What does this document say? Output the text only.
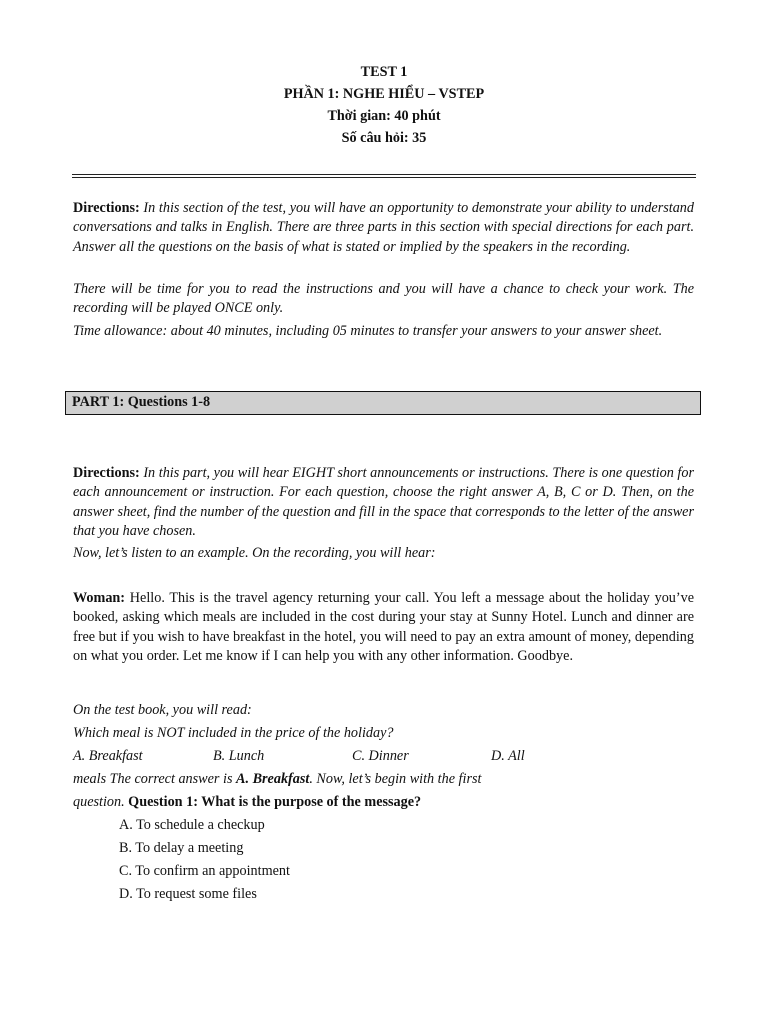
TEST 1
PHẦN 1: NGHE HIỂU – VSTEP
Thời gian: 40 phút
Số câu hỏi: 35
Directions: In this section of the test, you will have an opportunity to demonstrate your ability to understand conversations and talks in English. There are three parts in this section with special directions for each part. Answer all the questions on the basis of what is stated or implied by the speakers in the recording.
There will be time for you to read the instructions and you will have a chance to check your work. The recording will be played ONCE only.
Time allowance: about 40 minutes, including 05 minutes to transfer your answers to your answer sheet.
PART 1: Questions 1-8
Directions: In this part, you will hear EIGHT short announcements or instructions. There is one question for each announcement or instruction. For each question, choose the right answer A, B, C or D. Then, on the answer sheet, find the number of the question and fill in the space that corresponds to the letter of the answer that you have chosen.
Now, let’s listen to an example. On the recording, you will hear:
Woman: Hello. This is the travel agency returning your call. You left a message about the holiday you’ve booked, asking which meals are included in the cost during your stay at Sunny Hotel. Lunch and dinner are free but if you wish to have breakfast in the hotel, you will need to pay an extra amount of money, depending on what you order. Let me know if I can help you with any other information. Goodbye.
On the test book, you will read:
Which meal is NOT included in the price of the holiday?
A. Breakfast	B. Lunch	C. Dinner	D. All
meals The correct answer is A. Breakfast. Now, let’s begin with the first
question. Question 1: What is the purpose of the message?
A. To schedule a checkup
B. To delay a meeting
C. To confirm an appointment
D. To request some files
